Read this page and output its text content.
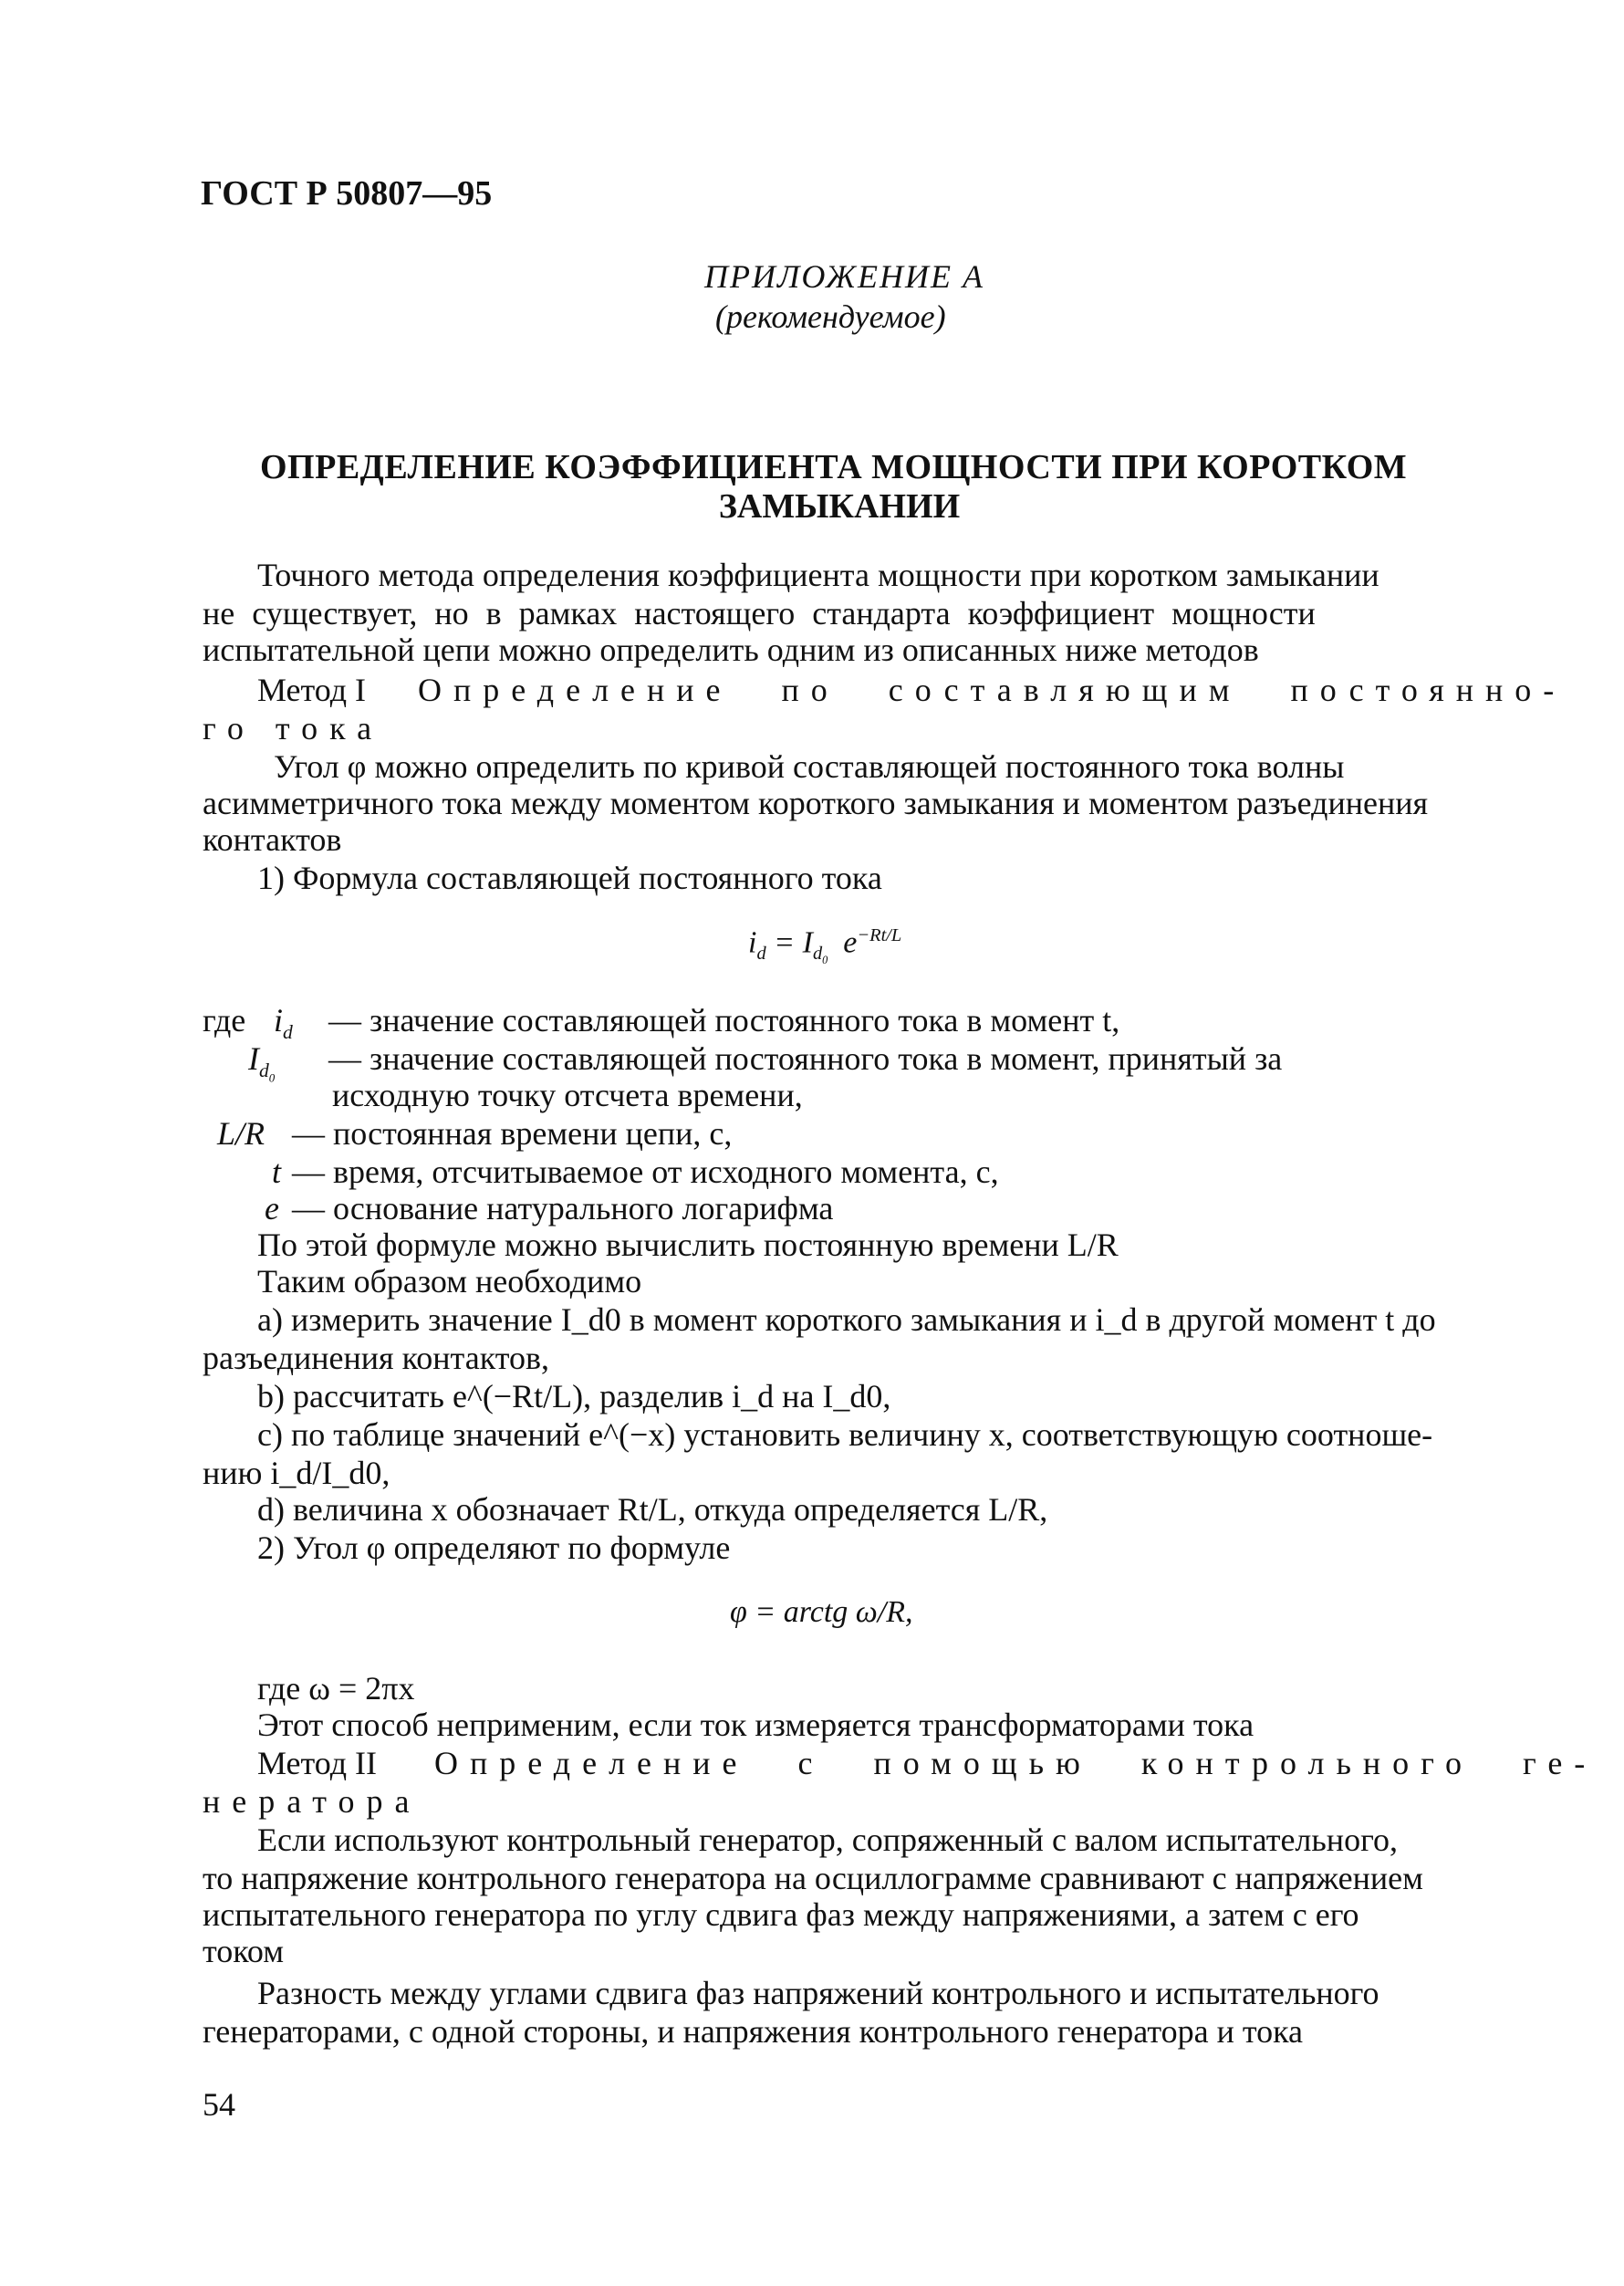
ГОСТ Р 50807—95
ПРИЛОЖЕНИЕ А
(рекомендуемое)
ОПРЕДЕЛЕНИЕ КОЭФФИЦИЕНТА МОЩНОСТИ ПРИ КОРОТКОМ
ЗАМЫКАНИИ
Точного метода определения коэффициента мощности при коротком замыкании
не существует, но в рамках настоящего стандарта коэффициент мощности
испытательной цепи можно определить одним из описанных ниже методов
Метод I Определение по составляющим постоянно-
го тока
Угол φ можно определить по кривой составляющей постоянного тока волны
асимметричного тока между моментом короткого замыкания и моментом разъединения
контактов
1) Формула составляющей постоянного тока
$i_d = I_{d_0}$  $e^{-Rt/L}$
где $i_d$ — значение составляющей постоянного тока в момент t,
$I_{d_0}$
— значение составляющей постоянного тока в момент, принятый за
исходную точку отсчета времени,
L/R — постоянная времени цепи, с,
t — время, отсчитываемое от исходного момента, с,
e — основание натурального логарифма
По этой формуле можно вычислить постоянную времени L/R
Таким образом необходимо
а) измерить значение I_d0 в момент короткого замыкания и i_d в другой момент t до
разъединения контактов,
b) рассчитать e^(−Rt/L), разделив i_d на I_d0,
с) по таблице значений e^(−x) установить величину x, соответствующую соотноше-
нию i_d/I_d0,
d) величина x обозначает Rt/L, откуда определяется L/R,
2) Угол φ определяют по формуле
φ = arctg ω/R,
где ω = 2πx
Этот способ неприменим, если ток измеряется трансформаторами тока
Метод II Определение с помощью контрольного ге-
нератора
Если используют контрольный генератор, сопряженный с валом испытательного,
то напряжение контрольного генератора на осциллограмме сравнивают с напряжением
испытательного генератора по углу сдвига фаз между напряжениями, а затем с его
током
Разность между углами сдвига фаз напряжений контрольного и испытательного
генераторами, с одной стороны, и напряжения контрольного генератора и тока
54
